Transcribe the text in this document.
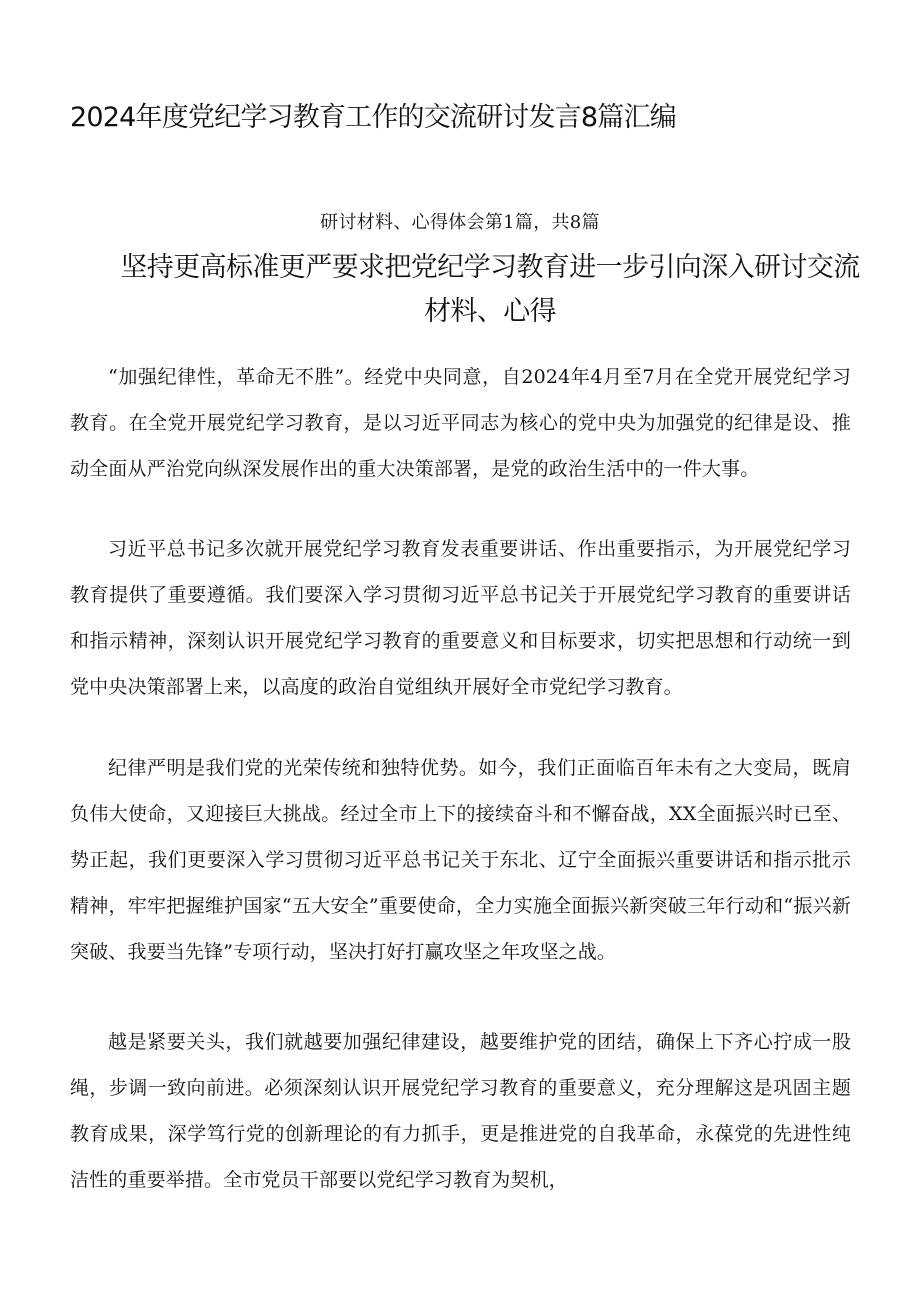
2024年度党纪学习教育工作的交流研讨发言8篇汇编
研讨材料、心得体会第1篇，共8篇
坚持更高标准更严要求把党纪学习教育进一步引向深入研讨交流材料、心得

“加强纪律性，革命无不胜”。经党中央同意，自2024年4月至7月在全党开展党纪学习教育。在全党开展党纪学习教育，是以习近平同志为核心的党中央为加强党的纪律是设、推动全面从严治党向纵深发展作出的重大决策部署，是党的政治生活中的一件大事。

习近平总书记多次就开展党纪学习教育发表重要讲话、作出重要指示，为开展党纪学习教育提供了重要遵循。我们要深入学习贯彻习近平总书记关于开展党纪学习教育的重要讲话和指示精神，深刻认识开展党纪学习教育的重要意义和目标要求，切实把思想和行动统一到党中央决策部署上来，以高度的政治自觉组纨开展好全市党纪学习教育。

纪律严明是我们党的光荣传统和独特优势。如今，我们正面临百年未有之大变局，既肩负伟大使命，又迎接巨大挑战。经过全市上下的接续奋斗和不懈奋战，XX全面振兴时已至、势正起，我们更要深入学习贯彻习近平总书记关于东北、辽宁全面振兴重要讲话和指示批示精神，牢牢把握维护国家“五大安全”重要使命，全力实施全面振兴新突破三年行动和“振兴新突破、我要当先锋”专项行动，坚决打好打赢攻坚之年攻坚之战。

越是紧要关头，我们就越要加强纪律建设，越要维护党的团结，确保上下齐心拧成一股绳，步调一致向前进。必须深刻认识开展党纪学习教育的重要意义，充分理解这是巩固主题教育成果，深学笃行党的创新理论的有力抓手，更是推进党的自我革命，永葆党的先进性纯洁性的重要举措。全市党员干部要以党纪学习教育为契机，
